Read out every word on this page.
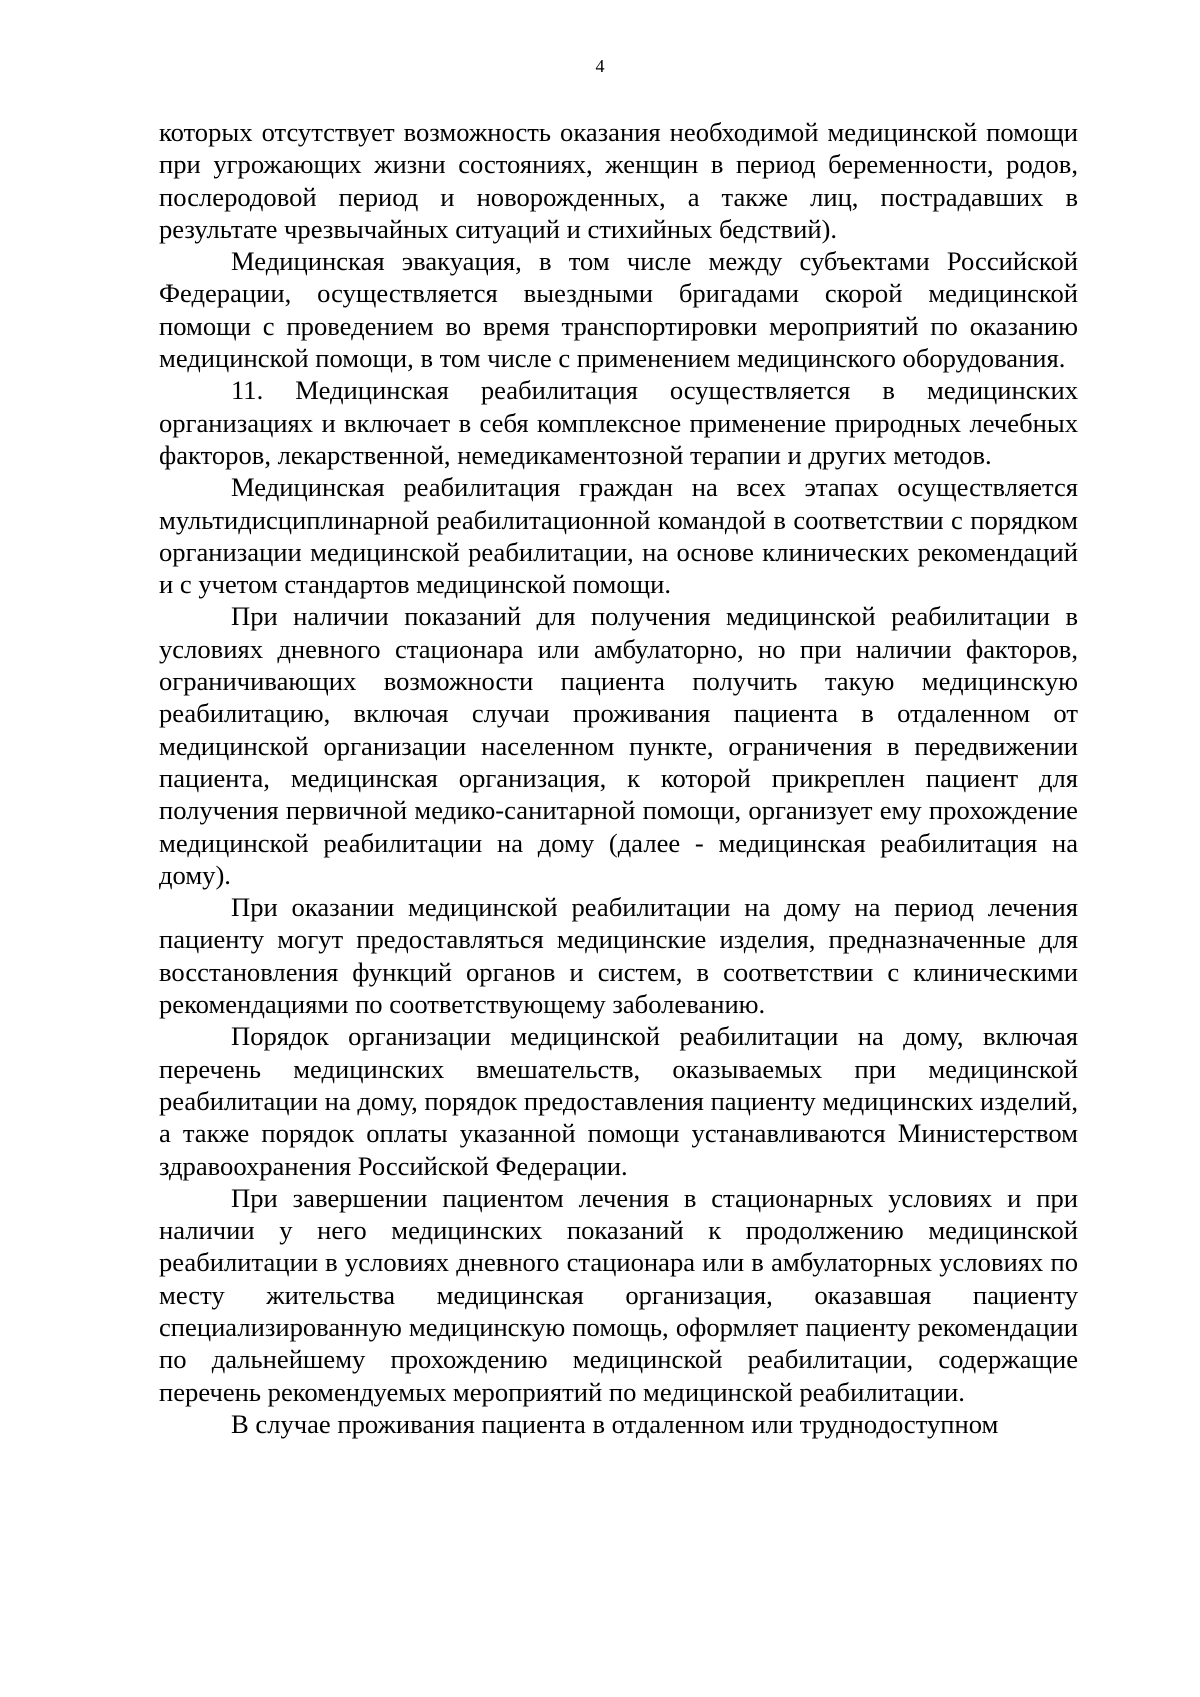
4

которых отсутствует возможность оказания необходимой медицинской помощи при угрожающих жизни состояниях, женщин в период беременности, родов, послеродовой период и новорожденных, а также лиц, пострадавших в результате чрезвычайных ситуаций и стихийных бедствий).

Медицинская эвакуация, в том числе между субъектами Российской Федерации, осуществляется выездными бригадами скорой медицинской помощи с проведением во время транспортировки мероприятий по оказанию медицинской помощи, в том числе с применением медицинского оборудования.

11. Медицинская реабилитация осуществляется в медицинских организациях и включает в себя комплексное применение природных лечебных факторов, лекарственной, немедикаментозной терапии и других методов.

Медицинская реабилитация граждан на всех этапах осуществляется мультидисциплинарной реабилитационной командой в соответствии с порядком организации медицинской реабилитации, на основе клинических рекомендаций и с учетом стандартов медицинской помощи.

При наличии показаний для получения медицинской реабилитации в условиях дневного стационара или амбулаторно, но при наличии факторов, ограничивающих возможности пациента получить такую медицинскую реабилитацию, включая случаи проживания пациента в отдаленном от медицинской организации населенном пункте, ограничения в передвижении пациента, медицинская организация, к которой прикреплен пациент для получения первичной медико-санитарной помощи, организует ему прохождение медицинской реабилитации на дому (далее - медицинская реабилитация на дому).

При оказании медицинской реабилитации на дому на период лечения пациенту могут предоставляться медицинские изделия, предназначенные для восстановления функций органов и систем, в соответствии с клиническими рекомендациями по соответствующему заболеванию.

Порядок организации медицинской реабилитации на дому, включая перечень медицинских вмешательств, оказываемых при медицинской реабилитации на дому, порядок предоставления пациенту медицинских изделий, а также порядок оплаты указанной помощи устанавливаются Министерством здравоохранения Российской Федерации.

При завершении пациентом лечения в стационарных условиях и при наличии у него медицинских показаний к продолжению медицинской реабилитации в условиях дневного стационара или в амбулаторных условиях по месту жительства медицинская организация, оказавшая пациенту специализированную медицинскую помощь, оформляет пациенту рекомендации по дальнейшему прохождению медицинской реабилитации, содержащие перечень рекомендуемых мероприятий по медицинской реабилитации.

В случае проживания пациента в отдаленном или труднодоступном
